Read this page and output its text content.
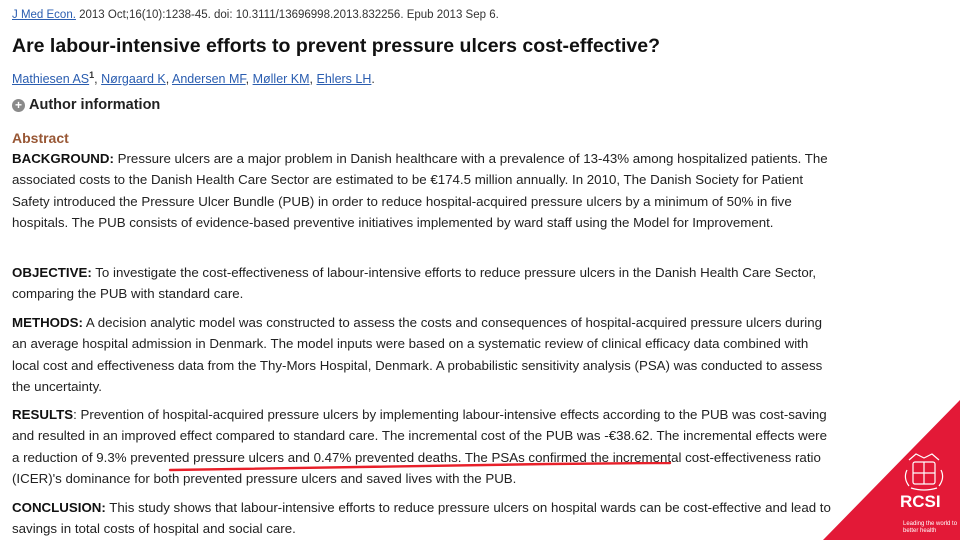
J Med Econ. 2013 Oct;16(10):1238-45. doi: 10.3111/13696998.2013.832256. Epub 2013 Sep 6.
Are labour-intensive efforts to prevent pressure ulcers cost-effective?
Mathiesen $AS^1$, Nørgaard K, Andersen MF, Møller KM, Ehlers LH.
+ Author information
Abstract

BACKGROUND: Pressure ulcers are a major problem in Danish healthcare with a prevalence of 13-43% among hospitalized patients. The associated costs to the Danish Health Care Sector are estimated to be €174.5 million annually. In 2010, The Danish Society for Patient Safety introduced the Pressure Ulcer Bundle (PUB) in order to reduce hospital-acquired pressure ulcers by a minimum of 50% in five hospitals. The PUB consists of evidence-based preventive initiatives implemented by ward staff using the Model for Improvement.

OBJECTIVE: To investigate the cost-effectiveness of labour-intensive efforts to reduce pressure ulcers in the Danish Health Care Sector, comparing the PUB with standard care.

METHODS: A decision analytic model was constructed to assess the costs and consequences of hospital-acquired pressure ulcers during an average hospital admission in Denmark. The model inputs were based on a systematic review of clinical efficacy data combined with local cost and effectiveness data from the Thy-Mors Hospital, Denmark. A probabilistic sensitivity analysis (PSA) was conducted to assess the uncertainty.

RESULTS: Prevention of hospital-acquired pressure ulcers by implementing labour-intensive effects according to the PUB was cost-saving and resulted in an improved effect compared to standard care. The incremental cost of the PUB was -€38.62. The incremental effects were a reduction of 9.3% prevented pressure ulcers and 0.47% prevented deaths. The PSAs confirmed the incremental cost-effectiveness ratio (ICER)'s dominance for both prevented pressure ulcers and saved lives with the PUB.

CONCLUSION: This study shows that labour-intensive efforts to reduce pressure ulcers on hospital wards can be cost-effective and lead to savings in total costs of hospital and social care.

RCSI
Leading the world to better health
